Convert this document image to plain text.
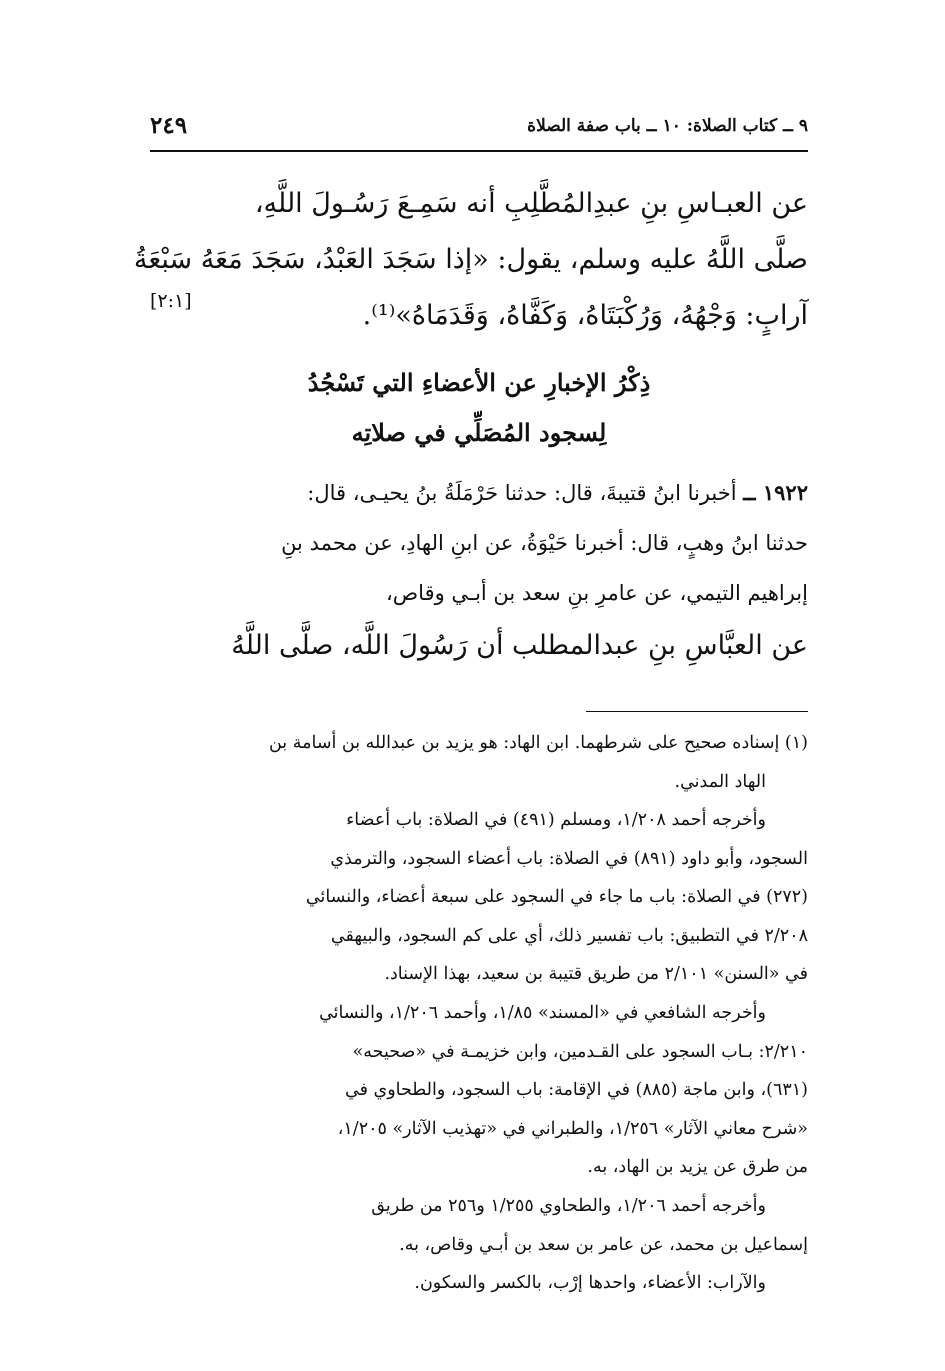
٢٤٩	٩ ــ كتاب الصلاة: ١٠ ــ باب صفة الصلاة
عن العبـاسِ بنِ عبدِالمُطَّلِبِ أنه سَمِـعَ رَسُـولَ اللَّهِ،
صلَّى اللَّهُ عليه وسلم، يقول: «إذا سَجَدَ العَبْدُ، سَجَدَ مَعَهُ سَبْعَةُ
آرابٍ: وَجْهُهُ، وَرُكْبَتَاهُ، وَكَفَّاهُ، وَقَدَمَاهُ»⁽¹⁾.
[٢:١]
ذِكْرُ الإخبارِ عن الأعضاءِ التي تَسْجُدُ
لِسجود المُصَلِّي في صلاتِه
١٩٢٢ ــ أخبرنا ابنُ قتيبةَ، قال: حدثنا حَرْمَلَةُ بنُ يحيـى، قال:
حدثنا ابنُ وهبٍ، قال: أخبرنا حَيْوَةُ، عن ابنِ الهادِ، عن محمد بنِ
إبراهيم التيمي، عن عامرِ بنِ سعد بن أبـي وقاص،
عن العبَّاسِ بنِ عبدالمطلب أن رَسُولَ اللَّه، صلَّى اللَّهُ

(١) إسناده صحيح على شرطهما. ابن الهاد: هو يزيد بن عبدالله بن أسامة بن

الهاد المدني.

وأخرجه أحمد ١/٢٠٨، ومسلم (٤٩١) في الصلاة: باب أعضاء

السجود، وأبو داود (٨٩١) في الصلاة: باب أعضاء السجود، والترمذي

(٢٧٢) في الصلاة: باب ما جاء في السجود على سبعة أعضاء، والنسائي

٢/٢٠٨ في التطبيق: باب تفسير ذلك، أي على كم السجود، والبيهقي

في «السنن» ٢/١٠١ من طريق قتيبة بن سعيد، بهذا الإسناد.

وأخرجه الشافعي في «المسند» ١/٨٥، وأحمد ١/٢٠٦، والنسائي

٢/٢١٠: بـاب السجود على القـدمين، وابن خزيمـة في «صحيحه»

(٦٣١)، وابن ماجة (٨٨٥) في الإقامة: باب السجود، والطحاوي في

«شرح معاني الآثار» ١/٢٥٦، والطبراني في «تهذيب الآثار» ١/٢٠٥،

من طرق عن يزيد بن الهاد، به.

وأخرجه أحمد ١/٢٠٦، والطحاوي ١/٢٥٥ و٢٥٦ من طريق

إسماعيل بن محمد، عن عامر بن سعد بن أبـي وقاص، به.

والآراب: الأعضاء، واحدها إرْب، بالكسر والسكون.
